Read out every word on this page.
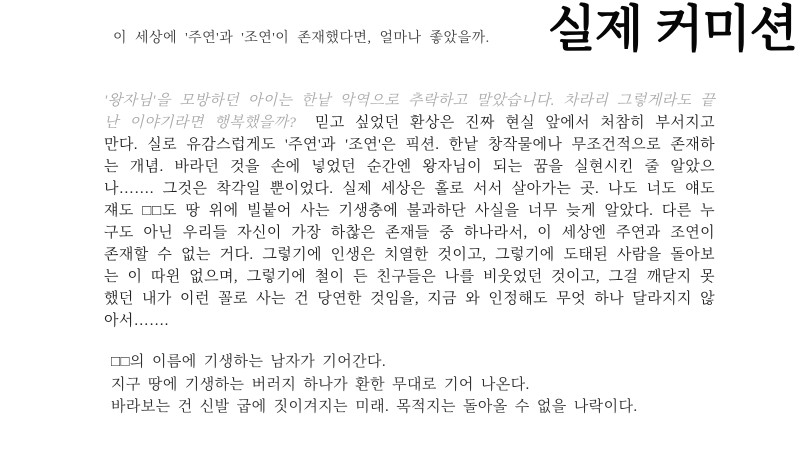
이 세상에 '주연'과 '조연'이 존재했다면, 얼마나 좋았을까. 실제 커미션
'왕자님'을 모방하던 아이는 한낱 악역으로 추락하고 말았습니다. 차라리 그렇게라도 끝난 이야기라면 행복했을까? 믿고 싶었던 환상은 진짜 현실 앞에서 처참히 부서지고 만다. 실로 유감스럽게도 '주연'과 '조연'은 픽션. 한낱 창작물에나 무조건적으로 존재하는 개념. 바라던 것을 손에 넣었던 순간엔 왕자님이 되는 꿈을 실현시킨 줄 알았으나……. 그것은 착각일 뿐이었다. 실제 세상은 홀로 서서 살아가는 곳. 나도 너도 얘도 쟤도 □□도 땅 위에 빌붙어 사는 기생충에 불과하단 사실을 너무 늦게 알았다. 다른 누구도 아닌 우리들 자신이 가장 하찮은 존재들 중 하나라서, 이 세상엔 주연과 조연이 존재할 수 없는 거다. 그렇기에 인생은 치열한 것이고, 그렇기에 도태된 사람을 돌아보는 이 따윈 없으며, 그렇기에 철이 든 친구들은 나를 비웃었던 것이고, 그걸 깨닫지 못했던 내가 이런 꼴로 사는 건 당연한 것임을, 지금 와 인정해도 무엇 하나 달라지지 않아서…….
□□의 이름에 기생하는 남자가 기어간다.
지구 땅에 기생하는 버러지 하나가 환한 무대로 기어 나온다.
바라보는 건 신발 굽에 짓이겨지는 미래. 목적지는 돌아올 수 없을 나락이다.
